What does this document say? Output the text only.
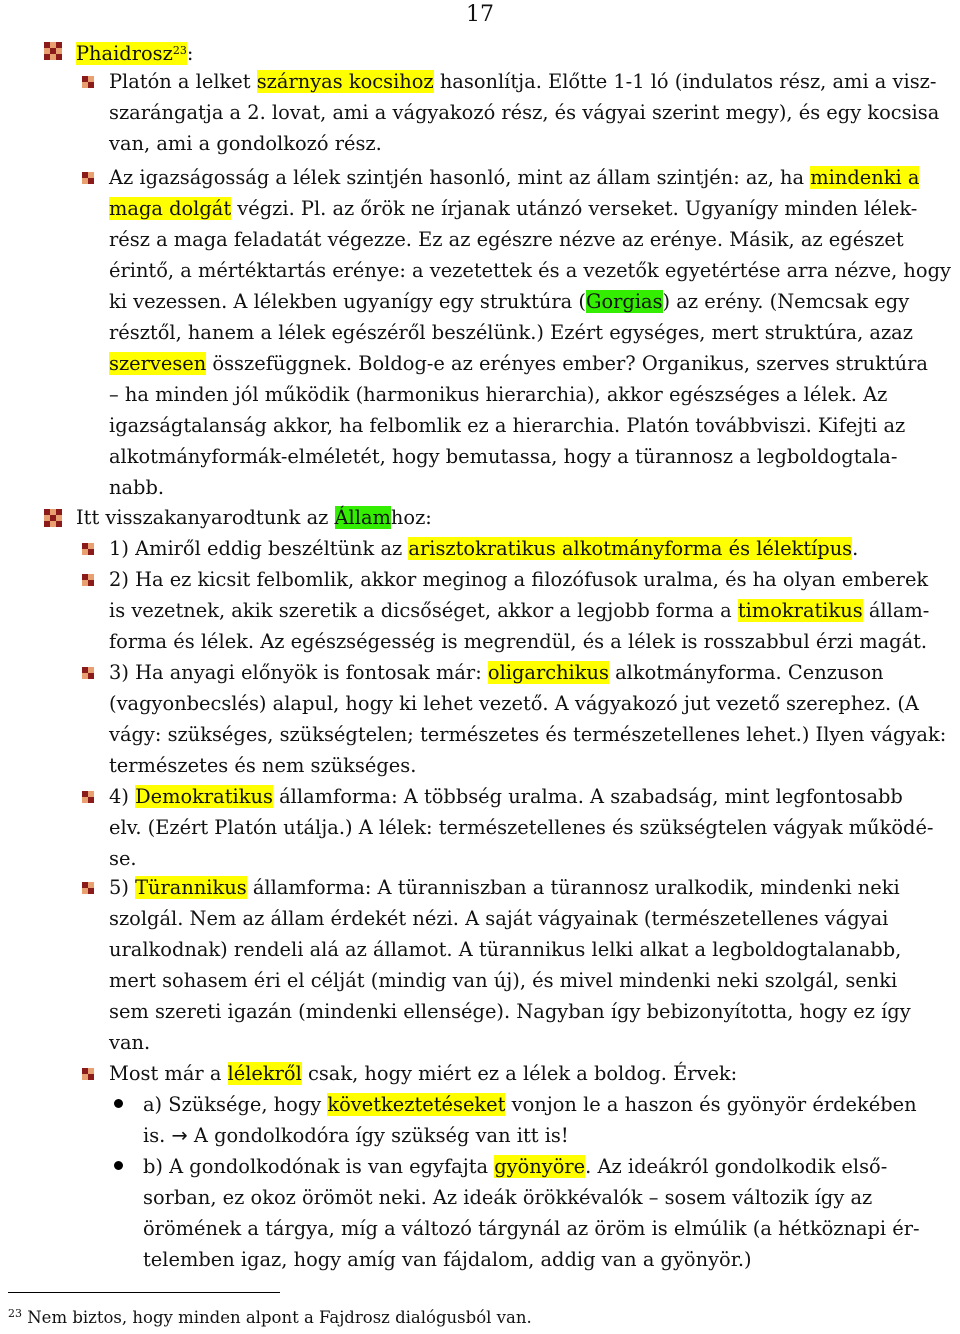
17
Platón a lelket szárnyas kocsihoz hasonlítja. Előtte 1-1 ló (indulatos rész, ami a visz-
szarángatja a 2. lovat, ami a vágyakozó rész, és vágyai szerint megy), és egy kocsisa
van, ami a gondolkozó rész.
Az igazságosság a lélek szintjén hasonló, mint az állam szintjén: az, ha mindenki a
maga dolgát végzi. Pl. az őrök ne írjanak utánzó verseket. Ugyanígy minden lélek-
rész a maga feladatát végezze. Ez az egészre nézve az erénye. Másik, az egészet
érintő, a mértéktartás erénye: a vezetettek és a vezetők egyetértése arra nézve, hogy
ki vezessen. A lélekben ugyanígy egy struktúra (Gorgias) az erény. (Nemcsak egy
résztől, hanem a lélek egészéről beszélünk.) Ezért egységes, mert struktúra, azaz
szervesen összefüggnek. Boldog-e az erényes ember? Organikus, szerves struktúra
– ha minden jól működik (harmonikus hierarchia), akkor egészséges a lélek. Az
igazságtalanság akkor, ha felbomlik ez a hierarchia. Platón továbbviszi. Kifejti az
alkotmányformák-elméletét, hogy bemutassa, hogy a türannosz a legboldogtala-
nabb.
1) Amiről eddig beszéltünk az arisztokratikus alkotmányforma és lélektípus.
2) Ha ez kicsit felbomlik, akkor meginog a filozófusok uralma, és ha olyan emberek
is vezetnek, akik szeretik a dicsőséget, akkor a legjobb forma a timokratikus állam-
forma és lélek. Az egészségesség is megrendül, és a lélek is rosszabbul érzi magát.
3) Ha anyagi előnyök is fontosak már: oligarchikus alkotmányforma. Cenzuson
(vagyonbecslés) alapul, hogy ki lehet vezető. A vágyakozó jut vezető szerephez. (A
vágy: szükséges, szükségtelen; természetes és természetellenes lehet.) Ilyen vágyak:
természetes és nem szükséges.
4) Demokratikus államforma: A többség uralma. A szabadság, mint legfontosabb
elv. (Ezért Platón utálja.) A lélek: természetellenes és szükségtelen vágyak működé-
se.
5) Türannikus államforma: A türanniszban a türannosz uralkodik, mindenki neki
szolgál. Nem az állam érdekét nézi. A saját vágyainak (természetellenes vágyai
uralkodnak) rendeli alá az államot. A türannikus lelki alkat a legboldogtalanabb,
mert sohasem éri el célját (mindig van új), és mivel mindenki neki szolgál, senki
sem szereti igazán (mindenki ellensége). Nagyban így bebizonyította, hogy ez így
van.
Most már a lélekről csak, hogy miért ez a lélek a boldog. Érvek:
a) Szüksége, hogy következtetéseket vonjon le a haszon és gyönyör érdekében
is. → A gondolkodóra így szükség van itt is!
b) A gondolkodónak is van egyfajta gyönyöre. Az ideákról gondolkodik első-
sorban, ez okoz örömöt neki. Az ideák örökkévalók – sosem változik így az
örömének a tárgya, míg a változó tárgynál az öröm is elmúlik (a hétköznapi ér-
telemben igaz, hogy amíg van fájdalom, addig van a gyönyör.)
Phaidrosz$^{23}$:
Itt visszakanyarodtunk az Államhoz:
$^{23}$ Nem biztos, hogy minden alpont a Fajdrosz dialógusból van.
